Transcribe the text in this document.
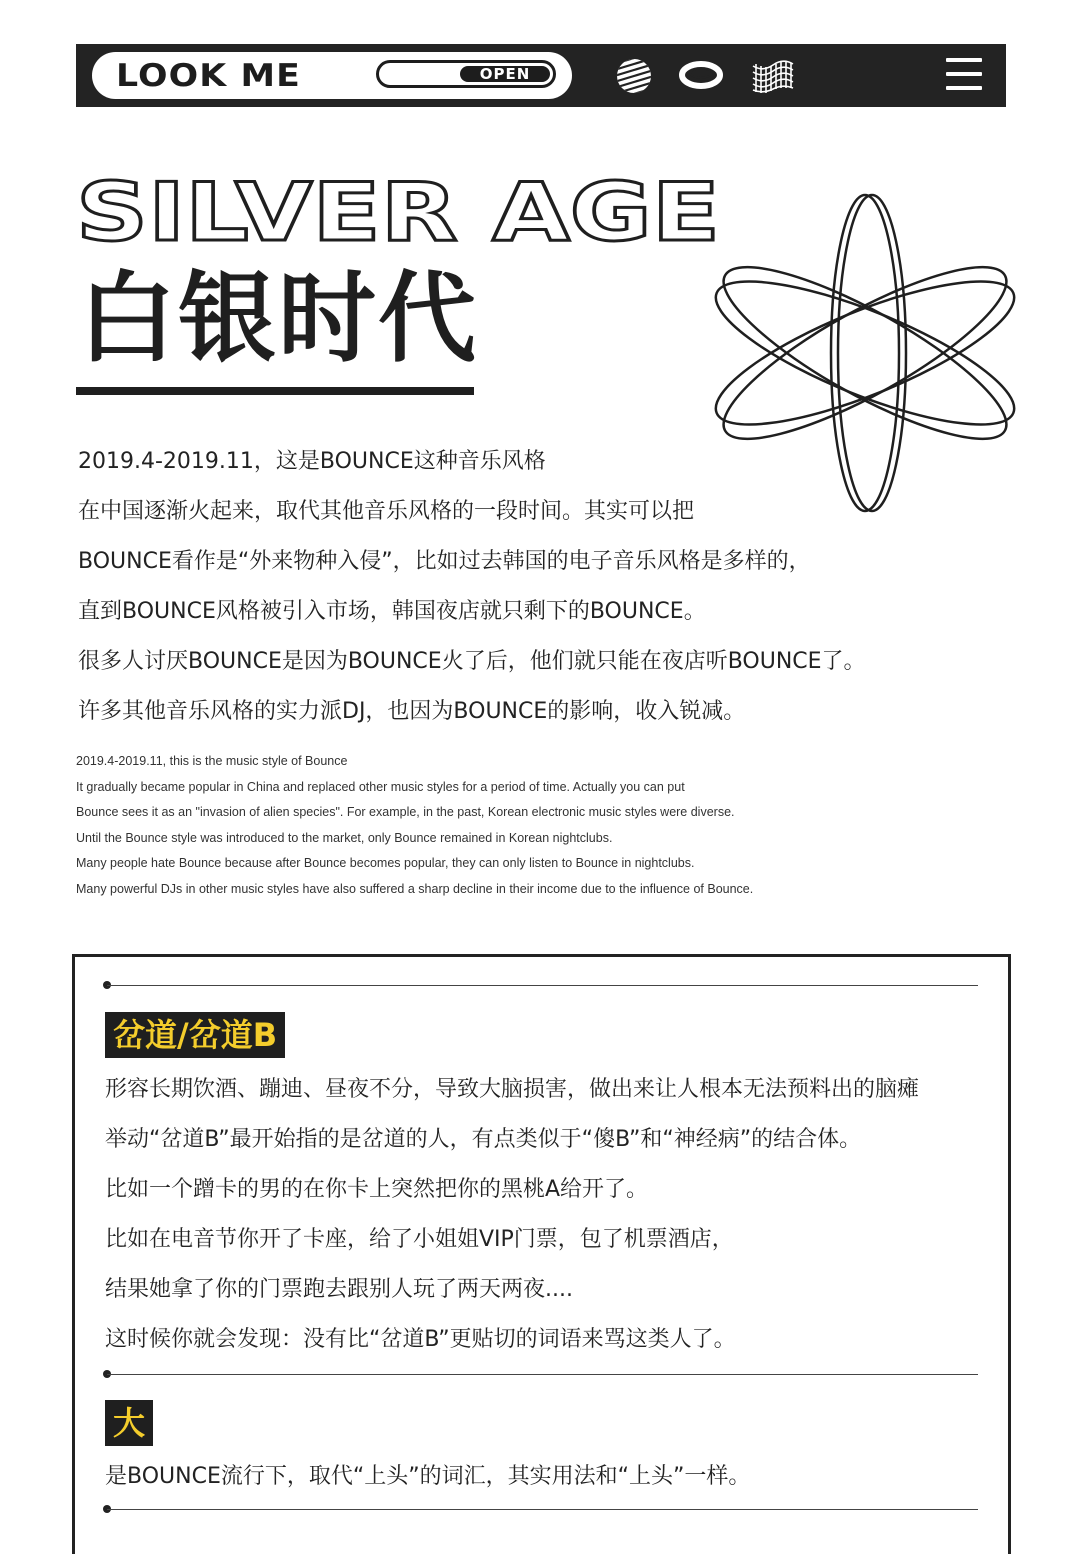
LOOK ME	OPEN
SILVER AGE
白银时代

2019.4-2019.11，这是BOUNCE这种音乐风格

在中国逐渐火起来，取代其他音乐风格的一段时间。其实可以把

BOUNCE看作是“外来物种入侵”，比如过去韩国的电子音乐风格是多样的，

直到BOUNCE风格被引入市场，韩国夜店就只剩下的BOUNCE。

很多人讨厌BOUNCE是因为BOUNCE火了后，他们就只能在夜店听BOUNCE了。

许多其他音乐风格的实力派DJ，也因为BOUNCE的影响，收入锐减。

2019.4-2019.11, this is the music style of Bounce

It gradually became popular in China and replaced other music styles for a period of time. Actually you can put

Bounce sees it as an "invasion of alien species". For example, in the past, Korean electronic music styles were diverse.

Until the Bounce style was introduced to the market, only Bounce remained in Korean nightclubs.

Many people hate Bounce because after Bounce becomes popular, they can only listen to Bounce in nightclubs.

Many powerful DJs in other music styles have also suffered a sharp decline in their income due to the influence of Bounce.

岔道/岔道B

形容长期饮酒、蹦迪、昼夜不分，导致大脑损害，做出来让人根本无法预料出的脑瘫

举动“岔道B”最开始指的是岔道的人，有点类似于“傻B”和“神经病”的结合体。

比如一个蹭卡的男的在你卡上突然把你的黑桃A给开了。

比如在电音节你开了卡座，给了小姐姐VIP门票，包了机票酒店，

结果她拿了你的门票跑去跟别人玩了两天两夜....

这时候你就会发现：没有比“岔道B”更贴切的词语来骂这类人了。

大

是BOUNCE流行下，取代“上头”的词汇，其实用法和“上头”一样。
